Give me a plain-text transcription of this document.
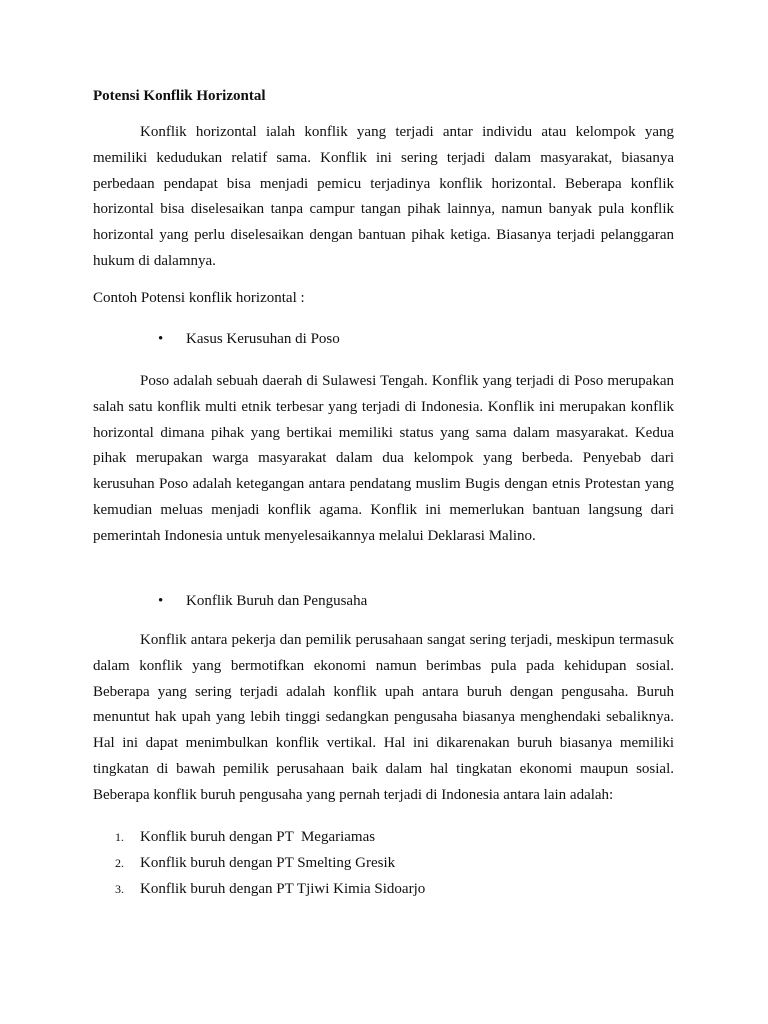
Potensi Konflik Horizontal

Konflik horizontal ialah konflik yang terjadi antar individu atau kelompok yang memiliki kedudukan relatif sama. Konflik ini sering terjadi dalam masyarakat, biasanya perbedaan pendapat bisa menjadi pemicu terjadinya konflik horizontal. Beberapa konflik horizontal bisa diselesaikan tanpa campur tangan pihak lainnya, namun banyak pula konflik horizontal yang perlu diselesaikan dengan bantuan pihak ketiga. Biasanya terjadi pelanggaran hukum di dalamnya.

Contoh Potensi konflik horizontal :

• Kasus Kerusuhan di Poso

Poso adalah sebuah daerah di Sulawesi Tengah. Konflik yang terjadi di Poso merupakan salah satu konflik multi etnik terbesar yang terjadi di Indonesia. Konflik ini merupakan konflik horizontal dimana pihak yang bertikai memiliki status yang sama dalam masyarakat. Kedua pihak merupakan warga masyarakat dalam dua kelompok yang berbeda. Penyebab dari kerusuhan Poso adalah ketegangan antara pendatang muslim Bugis dengan etnis Protestan yang kemudian meluas menjadi konflik agama. Konflik ini memerlukan bantuan langsung dari pemerintah Indonesia untuk menyelesaikannya melalui Deklarasi Malino.

• Konflik Buruh dan Pengusaha

Konflik antara pekerja dan pemilik perusahaan sangat sering terjadi, meskipun termasuk dalam konflik yang bermotifkan ekonomi namun berimbas pula pada kehidupan sosial. Beberapa yang sering terjadi adalah konflik upah antara buruh dengan pengusaha. Buruh menuntut hak upah yang lebih tinggi sedangkan pengusaha biasanya menghendaki sebaliknya. Hal ini dapat menimbulkan konflik vertikal. Hal ini dikarenakan buruh biasanya memiliki tingkatan di bawah pemilik perusahaan baik dalam hal tingkatan ekonomi maupun sosial. Beberapa konflik buruh pengusaha yang pernah terjadi di Indonesia antara lain adalah:

1. Konflik buruh dengan PT  Megariamas
2. Konflik buruh dengan PT Smelting Gresik
3. Konflik buruh dengan PT Tjiwi Kimia Sidoarjo
